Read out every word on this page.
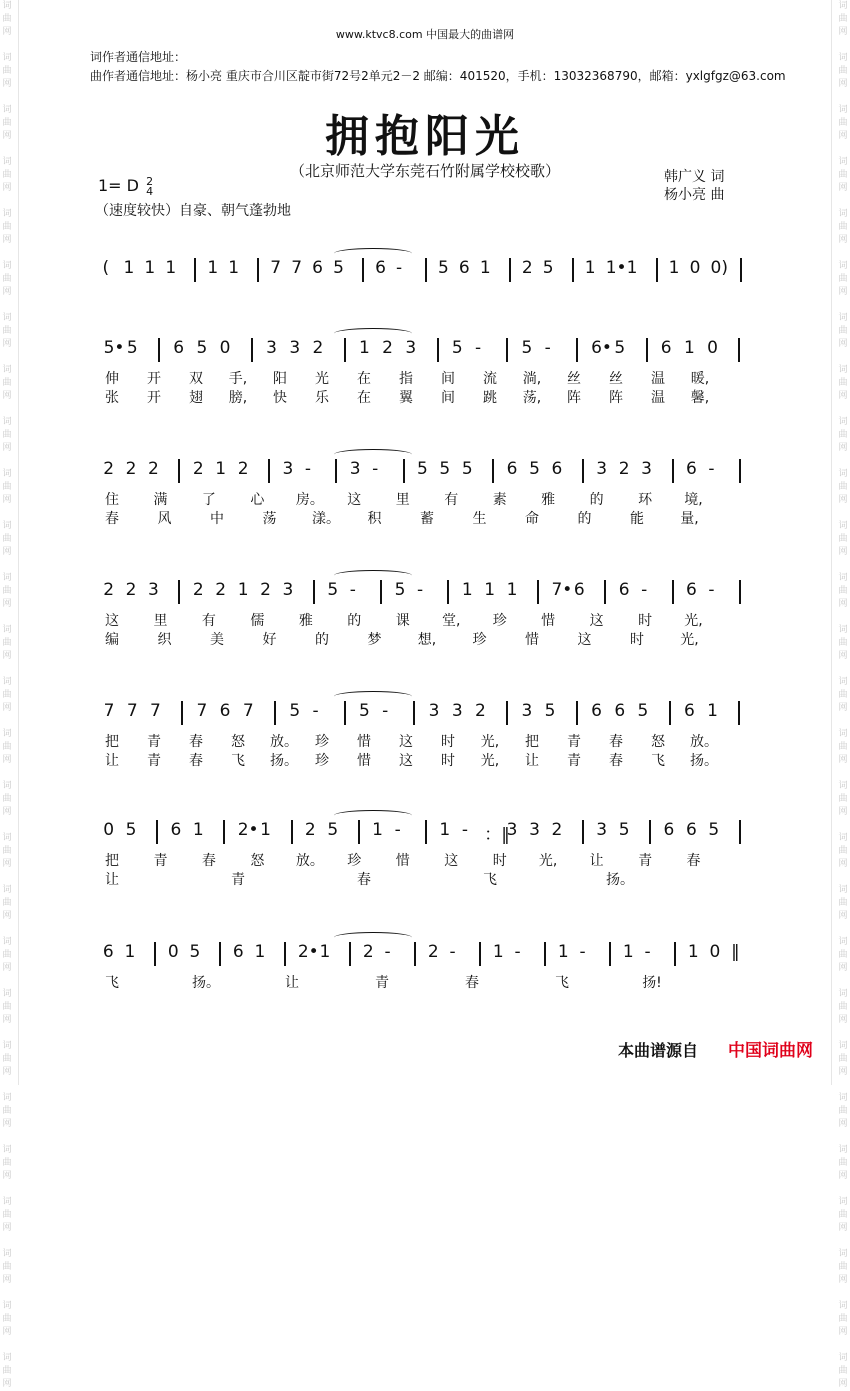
词
曲
网

词
曲
网

词
曲
网

词
曲
网

词
曲
网

词
曲
网

词
曲
网

词
曲
网

词
曲
网

词
曲
网

词
曲
网

词
曲
网

词
曲
网

词
曲
网

词
曲
网

词
曲
网

词
曲
网

词
曲
网

词
曲
网

词
曲
网

词
曲
网

词
曲
网

词
曲
网

词
曲
网

词
曲
网

词
曲
网

词
曲
网

词
曲
网

词
曲
网

词
曲
网

词
曲
网

词
曲
网

词
曲
网

词
曲
网

词
曲
网

词
曲
网

词
曲
网

词
曲
网

词
曲
网

词
曲
网

词
曲
网

词
曲
网

词
曲
网

词
曲
网

词
曲
网

词
曲
网

词
曲
网

词
曲
网

词
曲
网

词
曲
网

词
曲
网

词
曲
网

词
曲
网

词
曲
网

www.ktvc8.com 中国最大的曲谱网
词作者通信地址：
曲作者通信地址：杨小亮 重庆市合川区靛市街72号2单元2－2 邮编：401520，手机：13032368790，邮箱：yxlgfgz@63.com
拥抱阳光
（北京师范大学东莞石竹附属学校校歌）
1= D 2
4
（速度较快）自豪、朝气蓬勃地
韩广义 词
杨小亮 曲
( 1 1 1 1 1 7 7 6 5 6 - 5 6 1 2 5 1 1• 1 1 0 0)
5• 5 6 5 0 3 3 2 1 2 3 5 - 5 - 6• 5 6 1 0
伸 开 双 手, 阳 光 在 指 间 流 淌, 丝 丝 温 暖,
张 开 翅 膀, 快 乐 在 翼 间 跳 荡, 阵 阵 温 馨,
2 2 2 2 1 2 3 - 3 - 5 5 5 6 5 6 3 2 3 6 -
住 满 了 心 房。 这 里 有 素 雅 的 环 境,
春	风	中	荡	漾。 积	蓄	生	命	的	能	量,
2 2 3 2 2 1 2 3 5 - 5 - 1 1 1 7• 6 6 - 6 -
这 里 有 儒 雅 的 课 堂, 珍 惜 这 时 光,
编	织	美	好	的	梦	想,	珍	惜	这	时	光,
7 7 7 7 6 7 5 - 5 - 3 3 2 3 5 6 6 5 6 1
把 青 春 怒 放。 珍 惜 这 时 光, 把 青 春 怒 放。
让 青 春 飞 扬。 珍 惜 这 时 光, 让 青 春 飞 扬。
0 5 6 1 2• 1 2 5 1 - 1 - ：‖
3 3 2 3 5 6 6 5
把 青 春 怒 放。 珍 惜 这 时 光, 让 青 春
让	青	春	飞	扬。
6 1 0 5 6 1 2• 1 2 - 2 - 1 - 1 - 1 - 1 0 ‖
飞	扬。	让	青	春	飞	扬!
本曲谱源自 中国词曲网
